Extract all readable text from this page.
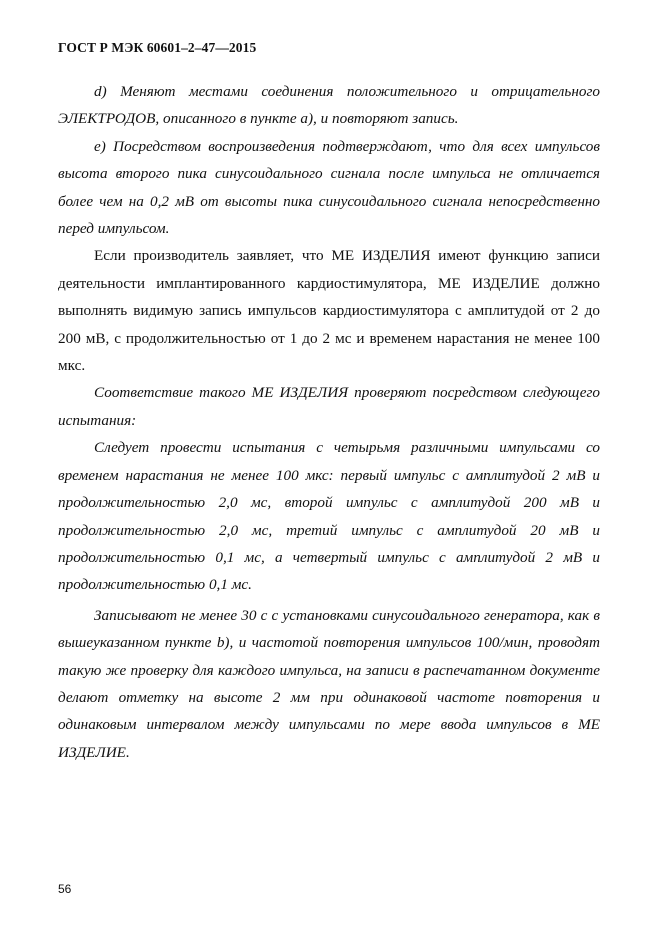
ГОСТ Р МЭК 60601–2–47—2015

d) Меняют местами соединения положительного и отрицательного ЭЛЕКТРОДОВ, описанного в пункте а), и повторяют запись.

e) Посредством воспроизведения подтверждают, что для всех импульсов высота второго пика синусоидального сигнала после импульса не отличается более чем на 0,2 мВ от высоты пика синусоидального сигнала непосредственно перед импульсом.

Если производитель заявляет, что МЕ ИЗДЕЛИЯ имеют функцию записи деятельности имплантированного кардиостимулятора, МЕ ИЗДЕЛИЕ должно выполнять видимую запись импульсов кардиостимулятора с амплитудой от 2 до 200 мВ, с продолжительностью от 1 до 2 мс и временем нарастания не менее 100 мкс.

Соответствие такого МЕ ИЗДЕЛИЯ проверяют посредством следующего испытания:

Следует провести испытания с четырьмя различными импульсами со временем нарастания не менее 100 мкс: первый импульс с амплитудой 2 мВ и продолжительностью 2,0 мс, второй импульс с амплитудой 200 мВ и продолжительностью 2,0 мс, третий импульс с амплитудой 20 мВ и продолжительностью 0,1 мс, а четвертый импульс с амплитудой 2 мВ и продолжительностью 0,1 мс.

Записывают не менее 30 с с установками синусоидального генератора, как в вышеуказанном пункте b), и частотой повторения импульсов 100/мин, проводят такую же проверку для каждого импульса, на записи в распечатанном документе делают отметку на высоте 2 мм при одинаковой частоте повторения и одинаковым интервалом между импульсами по мере ввода импульсов в МЕ ИЗДЕЛИЕ.

56
